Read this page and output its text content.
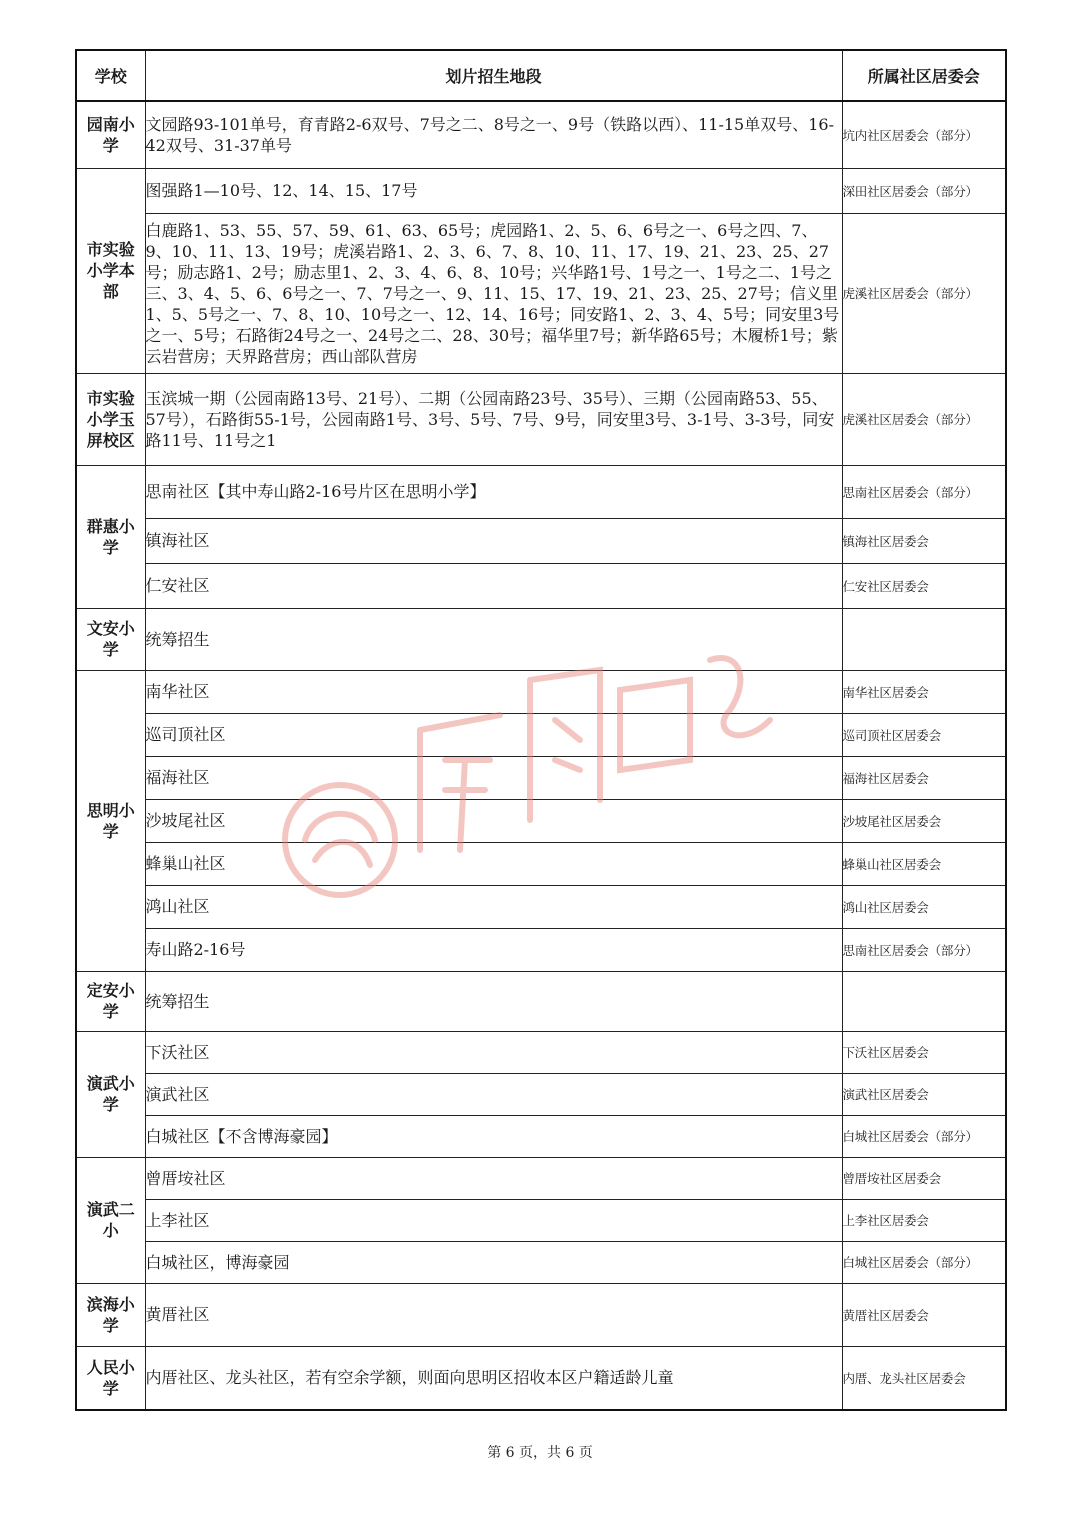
学校	划片招生地段	所属社区居委会
园南小学	文园路93-101单号，育青路2-6双号、7号之二、8号之一、9号（铁路以西）、11-15单双号、16-42双号、31-37单号	坑内社区居委会（部分）
市实验小学本部	图强路1—10号、12、14、15、17号	深田社区居委会（部分）
	白鹿路1、53、55、57、59、61、63、65号；虎园路1、2、5、6、6号之一、6号之四、7、9、10、11、13、19号；虎溪岩路1、2、3、6、7、8、10、11、17、19、21、23、25、27号；励志路1、2号；励志里1、2、3、4、6、8、10号；兴华路1号、1号之一、1号之二、1号之三、3、4、5、6、6号之一、7、7号之一、9、11、15、17、19、21、23、25、27号；信义里1、5、5号之一、7、8、10、10号之一、12、14、16号；同安路1、2、3、4、5号；同安里3号之一、5号；石路街24号之一、24号之二、28、30号；福华里7号；新华路65号；木履桥1号；紫云岩营房；天界路营房；西山部队营房	虎溪社区居委会（部分）
市实验小学玉屏校区	玉滨城一期（公园南路13号、21号）、二期（公园南路23号、35号）、三期（公园南路53、55、57号），石路街55-1号，公园南路1号、3号、5号、7号、9号，同安里3号、3-1号、3-3号，同安路11号、11号之1	虎溪社区居委会（部分）
群惠小学	思南社区【其中寿山路2-16号片区在思明小学】	思南社区居委会（部分）
	镇海社区	镇海社区居委会
	仁安社区	仁安社区居委会
文安小学	统筹招生	
思明小学	南华社区	南华社区居委会
	巡司顶社区	巡司顶社区居委会
	福海社区	福海社区居委会
	沙坡尾社区	沙坡尾社区居委会
	蜂巢山社区	蜂巢山社区居委会
	鸿山社区	鸿山社区居委会
	寿山路2-16号	思南社区居委会（部分）
定安小学	统筹招生	
演武小学	下沃社区	下沃社区居委会
	演武社区	演武社区居委会
	白城社区【不含博海豪园】	白城社区居委会（部分）
演武二小	曾厝垵社区	曾厝垵社区居委会
	上李社区	上李社区居委会
	白城社区，博海豪园	白城社区居委会（部分）
滨海小学	黄厝社区	黄厝社区居委会
人民小学	内厝社区、龙头社区，若有空余学额，则面向思明区招收本区户籍适龄儿童	内厝、龙头社区居委会
第 6 页，共 6 页
